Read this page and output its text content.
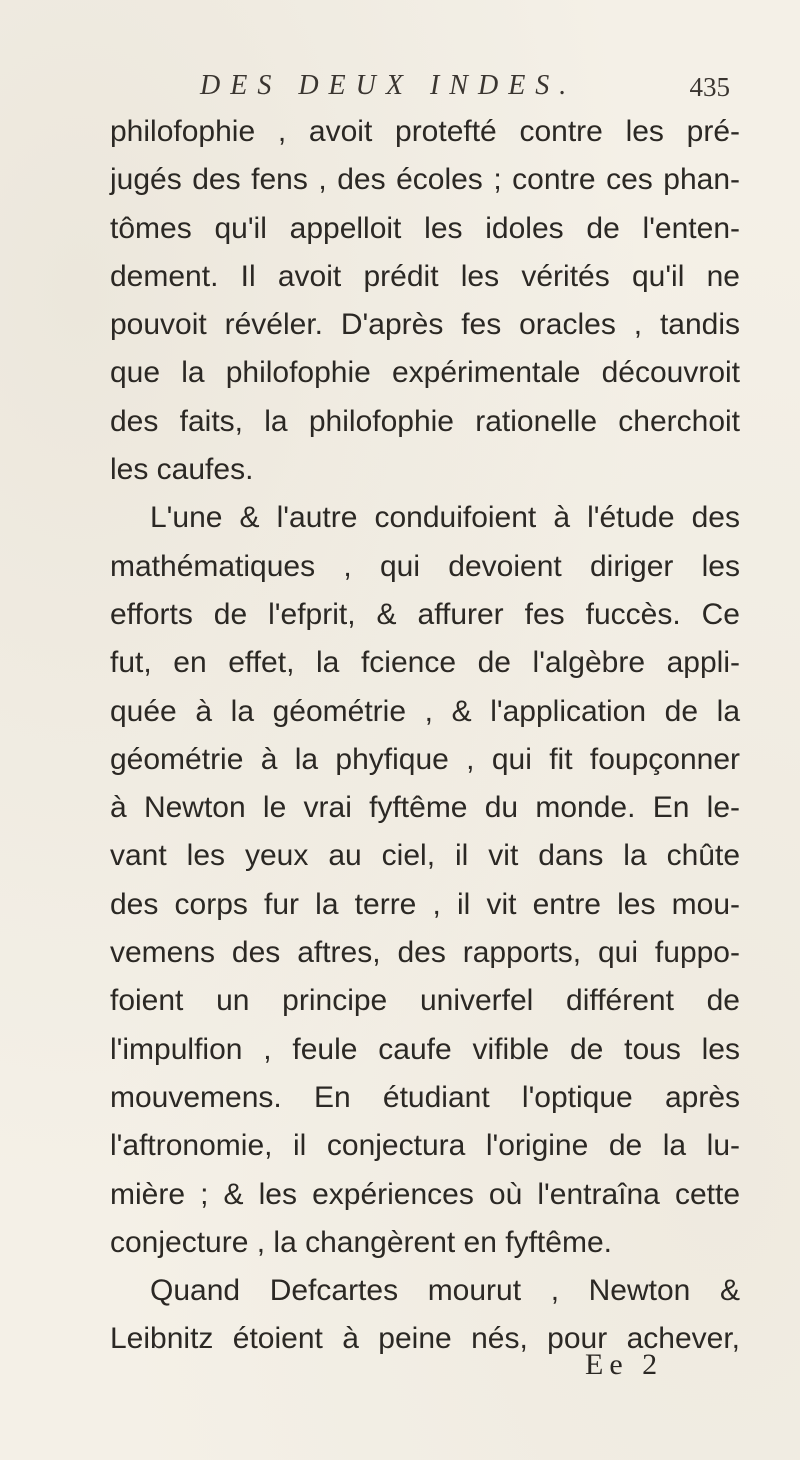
DES DEUX INDES.	435
philofophie , avoit protefté contre les pré-
jugés des fens , des écoles ; contre ces phan-
tômes qu'il appelloit les idoles de l'enten-
dement. Il avoit prédit les vérités qu'il ne
pouvoit révéler. D'après fes oracles , tandis
que la philofophie expérimentale découvroit
des faits, la philofophie rationelle cherchoit
les caufes.
L'une & l'autre conduifoient à l'étude des
mathématiques , qui devoient diriger les
efforts de l'efprit, & affurer fes fuccès. Ce
fut, en effet, la fcience de l'algèbre appli-
quée à la géométrie , & l'application de la
géométrie à la phyfique , qui fit foupçonner
à Newton le vrai fyftême du monde. En le-
vant les yeux au ciel, il vit dans la chûte
des corps fur la terre , il vit entre les mou-
vemens des aftres, des rapports, qui fuppo-
foient un principe univerfel différent de
l'impulfion , feule caufe vifible de tous les
mouvemens. En étudiant l'optique après
l'aftronomie, il conjectura l'origine de la lu-
mière ; & les expériences où l'entraîna cette
conjecture , la changèrent en fyftême.
Quand Defcartes mourut , Newton &
Leibnitz étoient à peine nés, pour achever,
Ee 2
